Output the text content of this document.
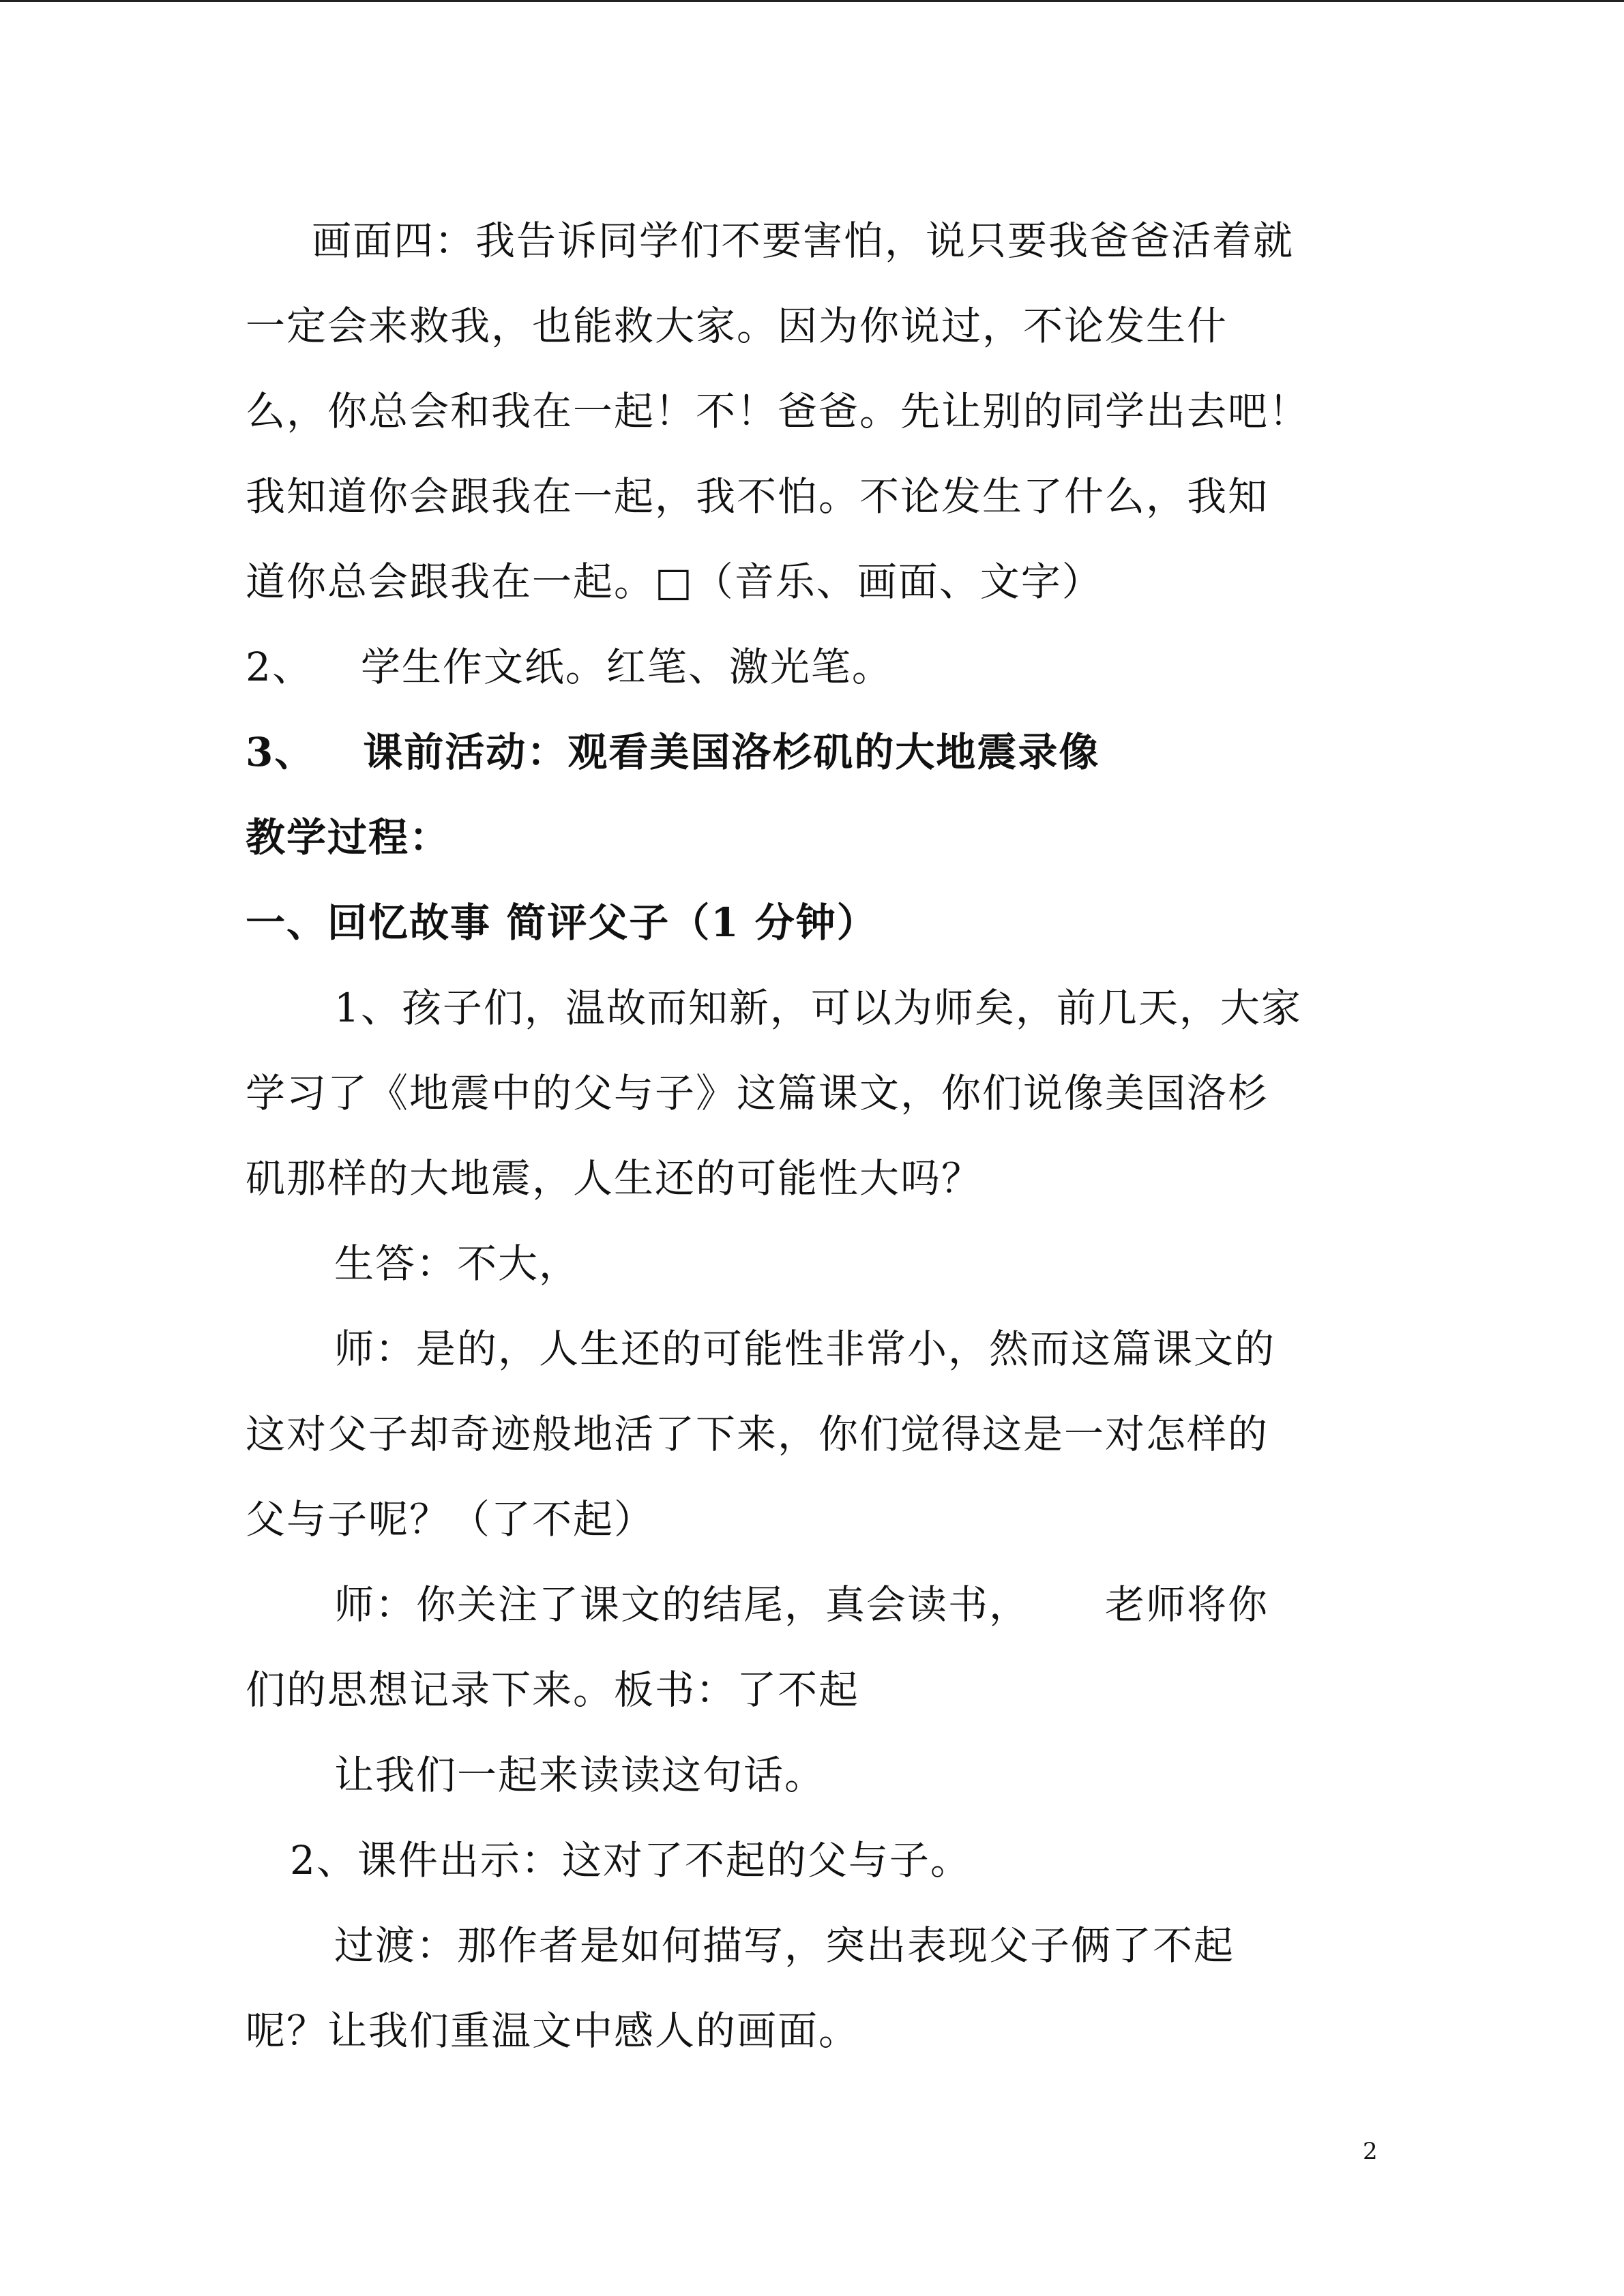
画面四：我告诉同学们不要害怕，说只要我爸爸活着就
一定会来救我，也能救大家。因为你说过，不论发生什
么，你总会和我在一起！不！爸爸。先让别的同学出去吧！
我知道你会跟我在一起，我不怕。不论发生了什么，我知
道你总会跟我在一起。□（音乐、画面、文字）
2、 学生作文纸。红笔、激光笔。
3、 课前活动：观看美国洛杉矶的大地震录像
教学过程：
一、回忆故事 简评父子（1 分钟）
1、孩子们，温故而知新，可以为师矣，前几天，大家
学习了《地震中的父与子》这篇课文，你们说像美国洛杉
矶那样的大地震，人生还的可能性大吗？
生答：不大，
师：是的，人生还的可能性非常小，然而这篇课文的
这对父子却奇迹般地活了下来，你们觉得这是一对怎样的
父与子呢？（了不起）
师：你关注了课文的结尾，真会读书， 老师将你
们的思想记录下来。板书：了不起
让我们一起来读读这句话。
2、课件出示：这对了不起的父与子。
过渡：那作者是如何描写，突出表现父子俩了不起
呢？让我们重温文中感人的画面。
2
